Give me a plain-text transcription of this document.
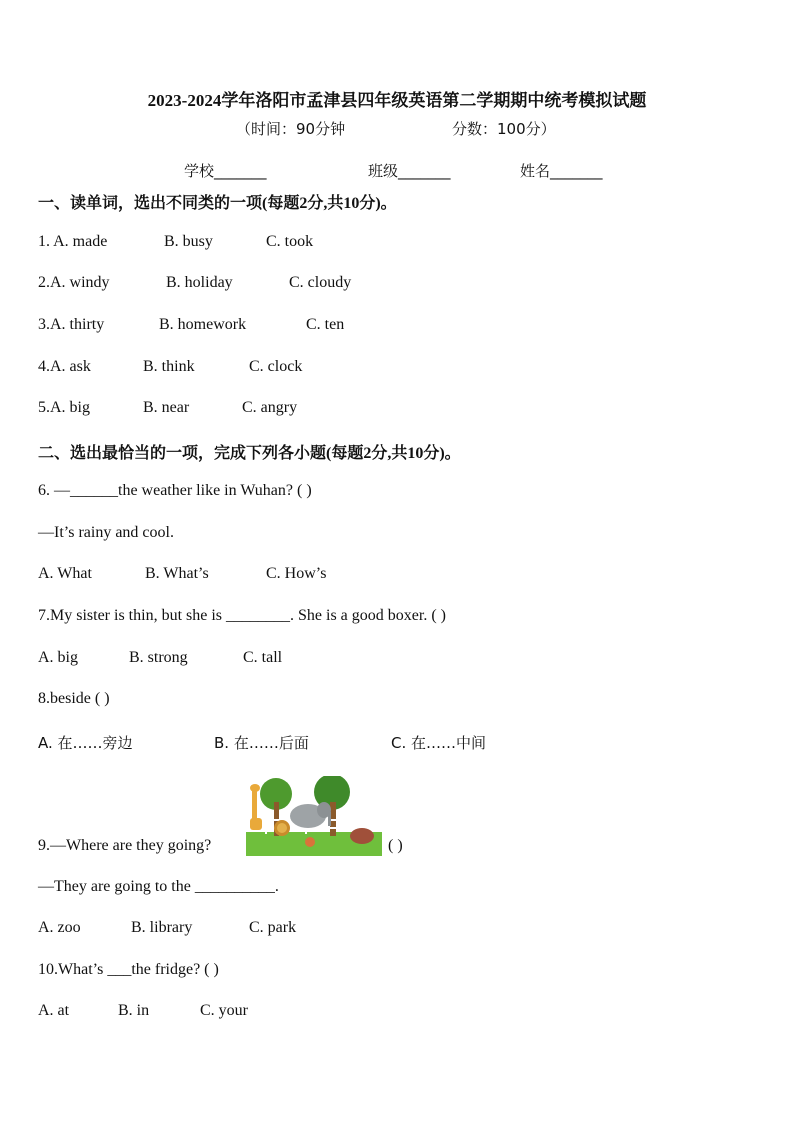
2023-2024学年洛阳市孟津县四年级英语第二学期期中统考模拟试题
（时间：90分钟	分数：100分）
学校_______	班级_______	姓名_______
一、读单词，选出不同类的一项(每题2分,共10分)。
1. A. made	B. busy	C. took
2.A. windy	B. holiday	C. cloudy
3.A. thirty	B. homework	C. ten
4.A. ask	B. think	C. clock
5.A. big	B. near	C. angry
二、选出最恰当的一项，完成下列各小题(每题2分,共10分)。
6. —______the weather like in Wuhan? ( )
—It’s rainy and cool.
A. What	B. What’s	C. How’s
7.My sister is thin, but she is ________. She is a good boxer. ( )
A. big	B. strong	C. tall
8.beside ( )
A. 在……旁边	B. 在……后面	C. 在……中间
9.—Where are they going?	( )
—They are going to the __________.
A. zoo	B. library	C. park
10.What’s ___the fridge? ( )
A. at	B. in	C. your
